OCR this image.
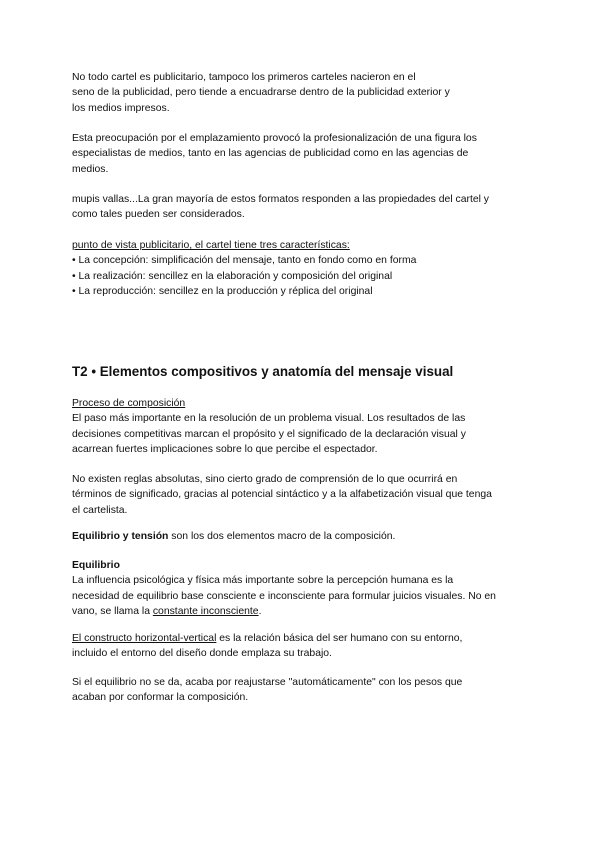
No todo cartel es publicitario, tampoco los primeros carteles nacieron en el
seno de la publicidad, pero tiende a encuadrarse dentro de la publicidad exterior y
los medios impresos.

Esta preocupación por el emplazamiento provocó la profesionalización de una figura los
especialistas de medios, tanto en las agencias de publicidad como en las agencias de
medios.

mupis vallas...La gran mayoría de estos formatos responden a las propiedades del cartel y
como tales pueden ser considerados.

punto de vista publicitario, el cartel tiene tres características:
• La concepción: simplificación del mensaje, tanto en fondo como en forma
• La realización: sencillez en la elaboración y composición del original
• La reproducción: sencillez en la producción y réplica del original
T2 • Elementos compositivos y anatomía del mensaje visual
Proceso de composición
El paso más importante en la resolución de un problema visual. Los resultados de las
decisiones competitivas marcan el propósito y el significado de la declaración visual y
acarrean fuertes implicaciones sobre lo que percibe el espectador.

No existen reglas absolutas, sino cierto grado de comprensión de lo que ocurrirá en
términos de significado, gracias al potencial sintáctico y a la alfabetización visual que tenga
el cartelista.

Equilibrio y tensión son los dos elementos macro de la composición.

Equilibrio
La influencia psicológica y física más importante sobre la percepción humana es la
necesidad de equilibrio base consciente e inconsciente para formular juicios visuales. No en
vano, se llama la constante inconsciente.

El constructo horizontal-vertical es la relación básica del ser humano con su entorno,
incluido el entorno del diseño donde emplaza su trabajo.

Si el equilibrio no se da, acaba por reajustarse "automáticamente" con los pesos que
acaban por conformar la composición.
